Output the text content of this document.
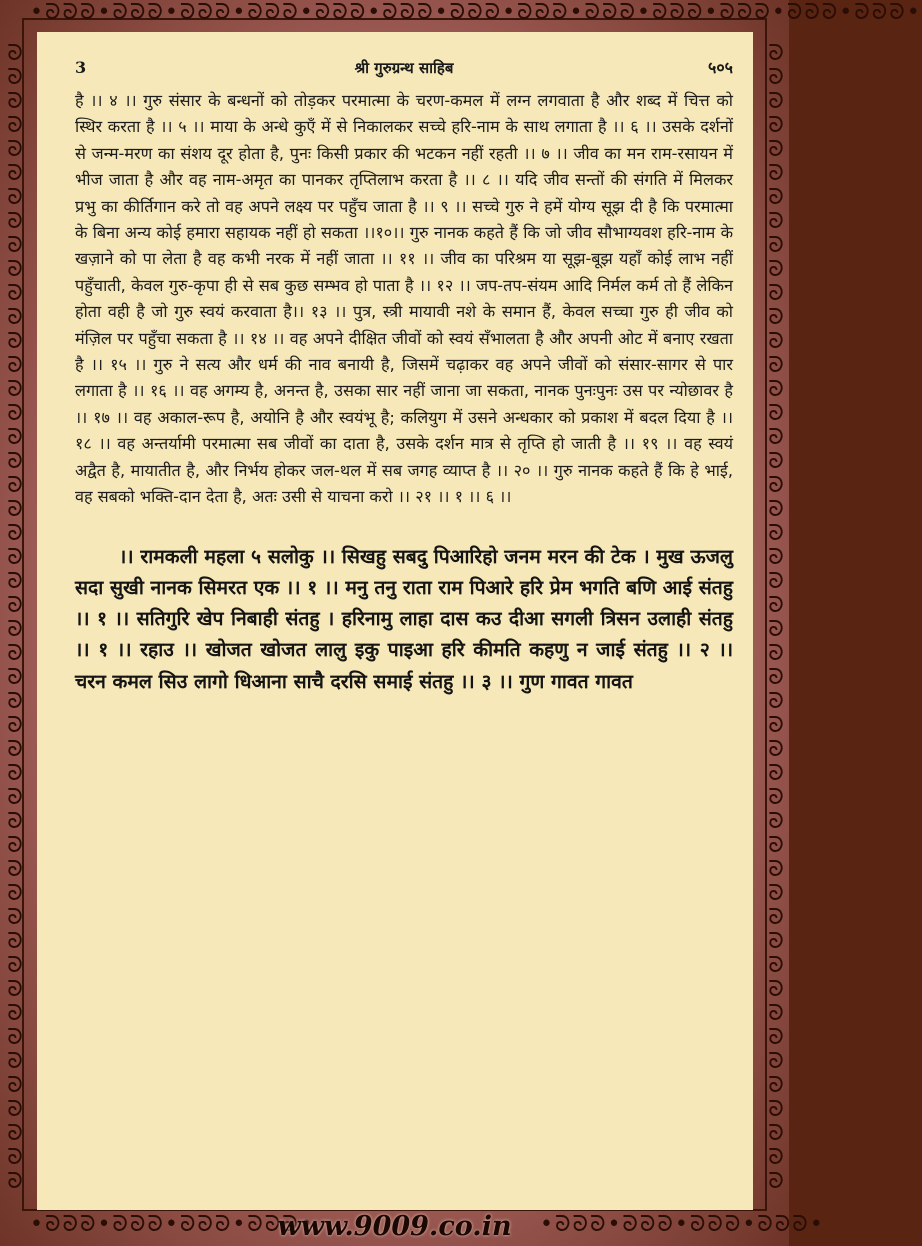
•ᘐᘐᘐ•ᘐᘐᘐ•ᘐᘐᘐ•ᘐᘐᘐ•ᘐᘐᘐ•ᘐᘐᘐ•ᘐᘐᘐ•ᘐᘐᘐ•ᘐᘐᘐ•ᘐᘐᘐ•ᘐᘐᘐ•ᘐᘐᘐ•ᘐᘐᘐ•
•ᘐᘐᘐ•ᘐᘐᘐ•ᘐᘐᘐ•ᘐᘐᘐ•	•ᘐᘐᘐ•ᘐᘐᘐ•ᘐᘐᘐ•ᘐᘐᘐ•
ᘐᘐᘐᘐᘐᘐᘐᘐᘐᘐᘐᘐᘐᘐᘐᘐᘐᘐᘐᘐᘐᘐᘐᘐᘐᘐᘐᘐᘐᘐᘐᘐᘐᘐᘐᘐᘐᘐᘐᘐᘐᘐᘐᘐᘐᘐᘐᘐ	ᘐᘐᘐᘐᘐᘐᘐᘐᘐᘐᘐᘐᘐᘐᘐᘐᘐᘐᘐᘐᘐᘐᘐᘐᘐᘐᘐᘐᘐᘐᘐᘐᘐᘐᘐᘐᘐᘐᘐᘐᘐᘐᘐᘐᘐᘐᘐᘐ
3	श्री गुरुग्रन्थ साहिब	५०५

है ।। ४ ।। गुरु संसार के बन्धनों को तोड़कर परमात्मा के चरण-कमल में लग्न लगवाता है और शब्द में चित्त को स्थिर करता है ।। ५ ।। माया के अन्धे कुएँ में से निकालकर सच्चे हरि-नाम के साथ लगाता है ।। ६ ।। उसके दर्शनों से जन्म-मरण का संशय दूर होता है, पुनः किसी प्रकार की भटकन नहीं रहती ।। ७ ।। जीव का मन राम-रसायन में भीज जाता है और वह नाम-अमृत का पानकर तृप्तिलाभ करता है ।। ८ ।। यदि जीव सन्तों की संगति में मिलकर प्रभु का कीर्तिगान करे तो वह अपने लक्ष्य पर पहुँच जाता है ।। ९ ।। सच्चे गुरु ने हमें योग्य सूझ दी है कि परमात्मा के बिना अन्य कोई हमारा सहायक नहीं हो सकता ।।१०।। गुरु नानक कहते हैं कि जो जीव सौभाग्यवश हरि-नाम के खज़ाने को पा लेता है वह कभी नरक में नहीं जाता ।। ११ ।। जीव का परिश्रम या सूझ-बूझ यहाँ कोई लाभ नहीं पहुँचाती, केवल गुरु-कृपा ही से सब कुछ सम्भव हो पाता है ।। १२ ।। जप-तप-संयम आदि निर्मल कर्म तो हैं लेकिन होता वही है जो गुरु स्वयं करवाता है।। १३ ।। पुत्र, स्त्री मायावी नशे के समान हैं, केवल सच्चा गुरु ही जीव को मंज़िल पर पहुँचा सकता है ।। १४ ।। वह अपने दीक्षित जीवों को स्वयं सँभालता है और अपनी ओट में बनाए रखता है ।। १५ ।। गुरु ने सत्य और धर्म की नाव बनायी है, जिसमें चढ़ाकर वह अपने जीवों को संसार-सागर से पार लगाता है ।। १६ ।। वह अगम्य है, अनन्त है, उसका सार नहीं जाना जा सकता, नानक पुनःपुनः उस पर न्योछावर है ।। १७ ।। वह अकाल-रूप है, अयोनि है और स्वयंभू है; कलियुग में उसने अन्धकार को प्रकाश में बदल दिया है ।। १८ ।। वह अन्तर्यामी परमात्मा सब जीवों का दाता है, उसके दर्शन मात्र से तृप्ति हो जाती है ।। १९ ।। वह स्वयं अद्वैत है, मायातीत है, और निर्भय होकर जल-थल में सब जगह व्याप्त है ।। २० ।। गुरु नानक कहते हैं कि हे भाई, वह सबको भक्ति-दान देता है, अतः उसी से याचना करो ।। २१ ।। १ ।। ६ ।।

।। रामकली महला ५ सलोकु ।। सिखहु सबदु पिआरिहो जनम मरन की टेक । मुख ऊजलु सदा सुखी नानक सिमरत एक ।। १ ।। मनु तनु राता राम पिआरे हरि प्रेम भगति बणि आई संतहु ।। १ ।। सतिगुरि खेप निबाही संतहु । हरिनामु लाहा दास कउ दीआ सगली त्रिसन उलाही संतहु ।। १ ।। रहाउ ।। खोजत खोजत लालु इकु पाइआ हरि कीमति कहणु न जाई संतहु ।। २ ।। चरन कमल सिउ लागो धिआना साचै दरसि समाई संतहु ।। ३ ।। गुण गावत गावत

www.9009.co.in
